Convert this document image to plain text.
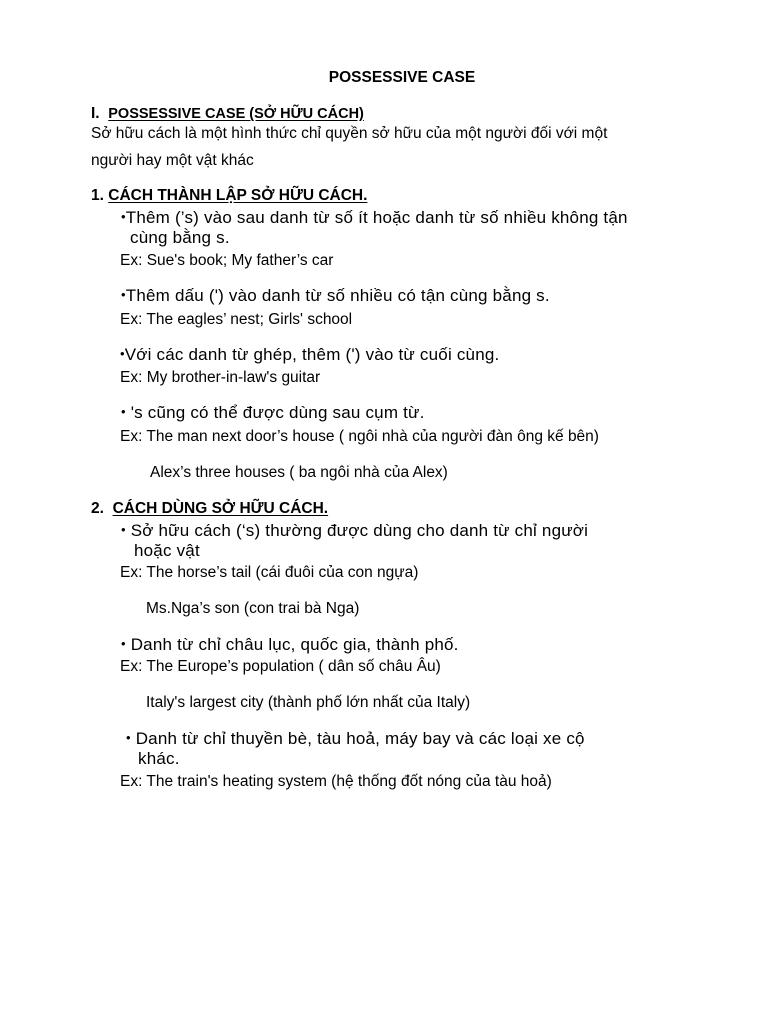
POSSESSIVE CASE
I. POSSESSIVE CASE (SỞ HỮU CÁCH)
Sở hữu cách là một hình thức chỉ quyền sở hữu của một người đối với một
người hay một vật khác
1. CÁCH THÀNH LẬP SỞ HỮU CÁCH.
•Thêm (’s) vào sau danh từ số ít hoặc danh từ số nhiều không tận
cùng bằng s.
Ex: Sue's book; My father’s car
•Thêm dấu (') vào danh từ số nhiều có tận cùng bằng s.
Ex: The eagles’ nest; Girls' school
•Với các danh từ ghép, thêm (') vào từ cuối cùng.
Ex: My brother-in-law's guitar
• 's cũng có thể được dùng sau cụm từ.
Ex: The man next door’s house ( ngôi nhà của người đàn ông kế bên)
Alex’s three houses ( ba ngôi nhà của Alex)
2. CÁCH DÙNG SỞ HỮU CÁCH.
• Sở hữu cách (‘s) thường được dùng cho danh từ chỉ người
hoặc vật
Ex: The horse’s tail (cái đuôi của con ngựa)
Ms.Nga’s son (con trai bà Nga)
• Danh từ chỉ châu lục, quốc gia, thành phố.
Ex: The Europe’s population ( dân số châu Âu)
Italy's largest city (thành phố lớn nhất của Italy)
• Danh từ chỉ thuyền bè, tàu hoả, máy bay và các loại xe cộ
khác.
Ex: The train's heating system (hệ thống đốt nóng của tàu hoả)
